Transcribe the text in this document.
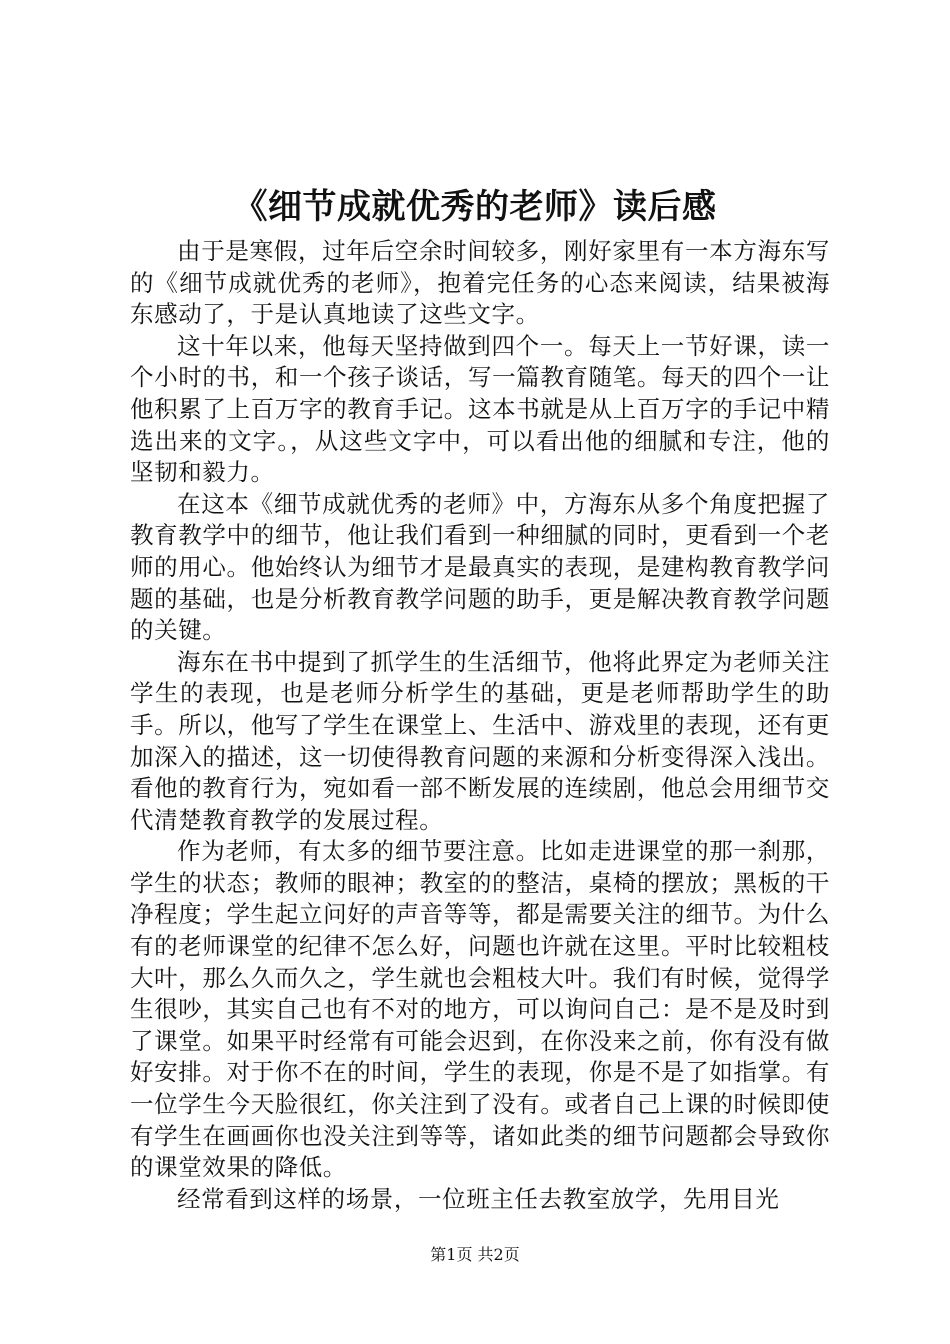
《细节成就优秀的老师》读后感

由于是寒假，过年后空余时间较多，刚好家里有一本方海东写的《细节成就优秀的老师》，抱着完任务的心态来阅读，结果被海东感动了，于是认真地读了这些文字。

这十年以来，他每天坚持做到四个一。每天上一节好课，读一个小时的书，和一个孩子谈话，写一篇教育随笔。每天的四个一让他积累了上百万字的教育手记。这本书就是从上百万字的手记中精选出来的文字。，从这些文字中，可以看出他的细腻和专注，他的坚韧和毅力。

在这本《细节成就优秀的老师》中，方海东从多个角度把握了教育教学中的细节，他让我们看到一种细腻的同时，更看到一个老师的用心。他始终认为细节才是最真实的表现，是建构教育教学问题的基础，也是分析教育教学问题的助手，更是解决教育教学问题的关键。

海东在书中提到了抓学生的生活细节，他将此界定为老师关注学生的表现，也是老师分析学生的基础，更是老师帮助学生的助手。所以，他写了学生在课堂上、生活中、游戏里的表现，还有更加深入的描述，这一切使得教育问题的来源和分析变得深入浅出。看他的教育行为，宛如看一部不断发展的连续剧，他总会用细节交代清楚教育教学的发展过程。

作为老师，有太多的细节要注意。比如走进课堂的那一刹那，学生的状态；教师的眼神；教室的的整洁，桌椅的摆放；黑板的干净程度；学生起立问好的声音等等，都是需要关注的细节。为什么有的老师课堂的纪律不怎么好，问题也许就在这里。平时比较粗枝大叶，那么久而久之，学生就也会粗枝大叶。我们有时候，觉得学生很吵，其实自己也有不对的地方，可以询问自己：是不是及时到了课堂。如果平时经常有可能会迟到，在你没来之前，你有没有做好安排。对于你不在的时间，学生的表现，你是不是了如指掌。有一位学生今天脸很红，你关注到了没有。或者自己上课的时候即使有学生在画画你也没关注到等等，诸如此类的细节问题都会导致你的课堂效果的降低。

经常看到这样的场景，一位班主任去教室放学，先用目光

第1页 共2页
